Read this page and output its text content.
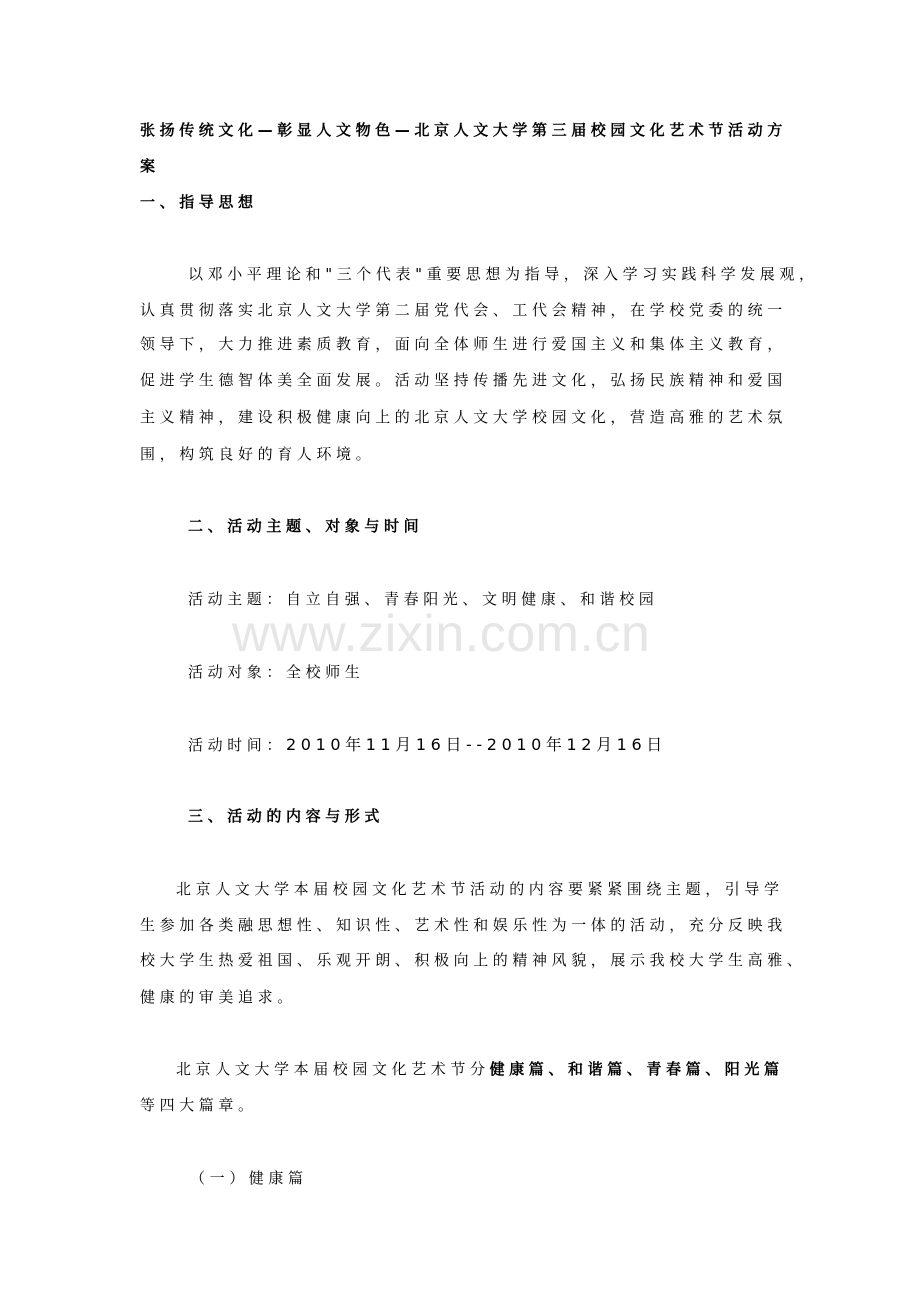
www.zixin.com.cn
张扬传统文化—彰显人文物色—北京人文大学第三届校园文化艺术节活动方
案
一、指导思想
以邓小平理论和"三个代表"重要思想为指导，深入学习实践科学发展观，
认真贯彻落实北京人文大学第二届党代会、工代会精神，在学校党委的统一
领导下，大力推进素质教育，面向全体师生进行爱国主义和集体主义教育，
促进学生德智体美全面发展。活动坚持传播先进文化，弘扬民族精神和爱国
主义精神，建设积极健康向上的北京人文大学校园文化，营造高雅的艺术氛
围，构筑良好的育人环境。
二、活动主题、对象与时间
活动主题：自立自强、青春阳光、文明健康、和谐校园
活动对象：全校师生
活动时间：2010年11月16日--2010年12月16日
三、活动的内容与形式
北京人文大学本届校园文化艺术节活动的内容要紧紧围绕主题，引导学
生参加各类融思想性、知识性、艺术性和娱乐性为一体的活动，充分反映我
校大学生热爱祖国、乐观开朗、积极向上的精神风貌，展示我校大学生高雅、
健康的审美追求。
北京人文大学本届校园文化艺术节分健康篇、和谐篇、青春篇、阳光篇
等四大篇章。
（一）健康篇
